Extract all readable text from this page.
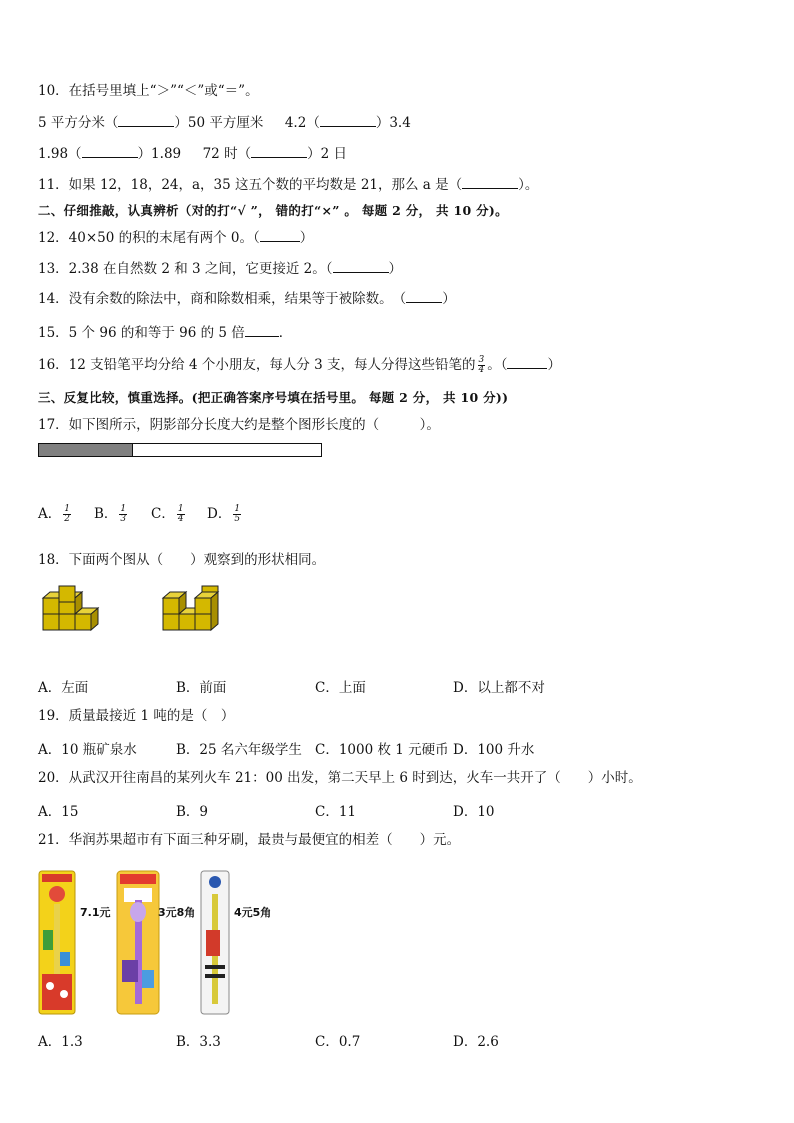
10．在括号里填上“＞”“＜”或“＝”。
5 平方分米（	）50 平方厘米 4.2（	）3.4
1.98（	）1.89 72 时（	）2 日
11．如果 12，18，24，a，35 这五个数的平均数是 21，那么 a 是（	）。
二、仔细推敲，认真辨析（对的打“√ ”， 错的打“×” 。 每题 2 分， 共 10 分)。
12．40×50 的积的末尾有两个 0。（	）
13．2.38 在自然数 2 和 3 之间，它更接近 2。（	）
14．没有余数的除法中，商和除数相乘，结果等于被除数。　（	）
15．5 个 96 的和等于 96 的 5 倍	．
16．12 支铅笔平均分给 4 个小朋友，每人分 3 支，每人分得这些铅笔的 $\frac{3}{4}$ 。（	）
三、反复比较，慎重选择。(把正确答案序号填在括号里。 每题 2 分， 共 10 分))
17．如下图所示，阴影部分长度大约是整个图形长度的（　　　）。
A． $\frac{1}{2}$ B． $\frac{1}{3}$ C． $\frac{1}{4}$ D． $\frac{1}{5}$
18．下面两个图从（　　）观察到的形状相同。
A．左面	B．前面	C．上面	D．以上都不对
19．质量最接近 1 吨的是（　）
A．10 瓶矿泉水	B．25 名六年级学生 C．1000 枚 1 元硬币 D．100 升水
20．从武汉开往南昌的某列火车 21：00 出发，第二天早上 6 时到达，火车一共开了（　　）小时。
A．15	B．9	C．11	D．10
21．华润苏果超市有下面三种牙刷，最贵与最便宜的相差（　　）元。
7.1元	3元8角	4元5角
A．1.3	B．3.3	C．0.7	D．2.6
